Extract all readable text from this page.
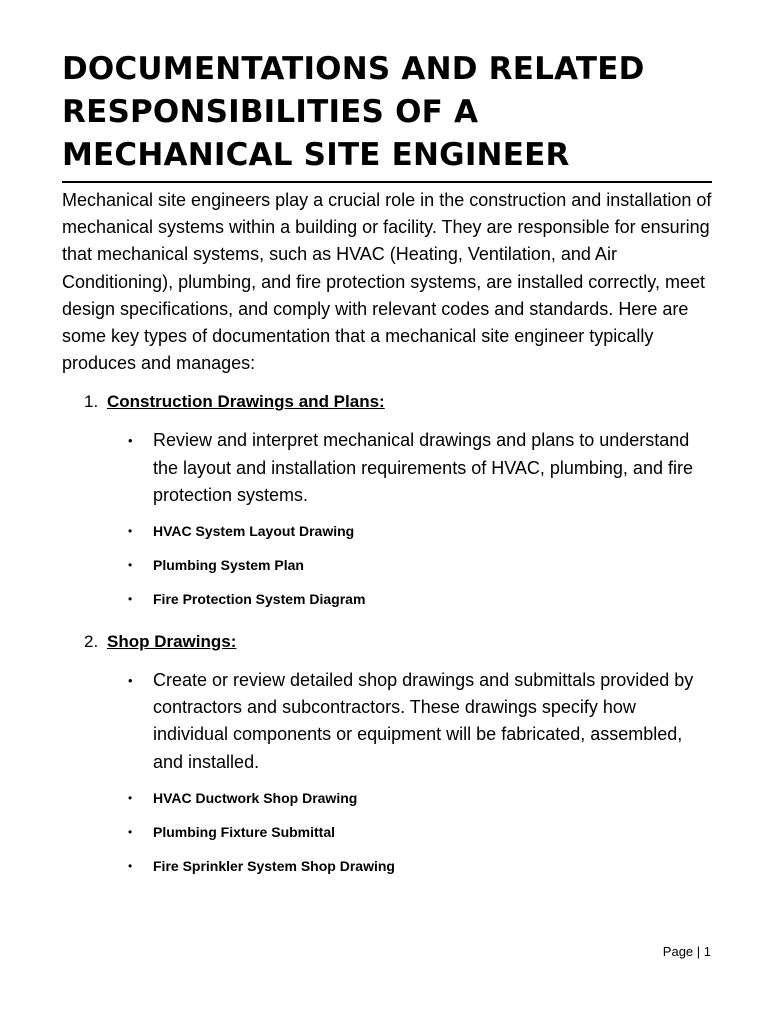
DOCUMENTATIONS AND RELATED RESPONSIBILITIES OF A MECHANICAL SITE ENGINEER

Mechanical site engineers play a crucial role in the construction and installation of mechanical systems within a building or facility. They are responsible for ensuring that mechanical systems, such as HVAC (Heating, Ventilation, and Air Conditioning), plumbing, and fire protection systems, are installed correctly, meet design specifications, and comply with relevant codes and standards. Here are some key types of documentation that a mechanical site engineer typically produces and manages:

1. Construction Drawings and Plans:
•	Review and interpret mechanical drawings and plans to understand the layout and installation requirements of HVAC, plumbing, and fire protection systems.
•	HVAC System Layout Drawing
•	Plumbing System Plan
•	Fire Protection System Diagram
2. Shop Drawings:
•	Create or review detailed shop drawings and submittals provided by contractors and subcontractors. These drawings specify how individual components or equipment will be fabricated, assembled, and installed.
•	HVAC Ductwork Shop Drawing
•	Plumbing Fixture Submittal
•	Fire Sprinkler System Shop Drawing
Page | 1
